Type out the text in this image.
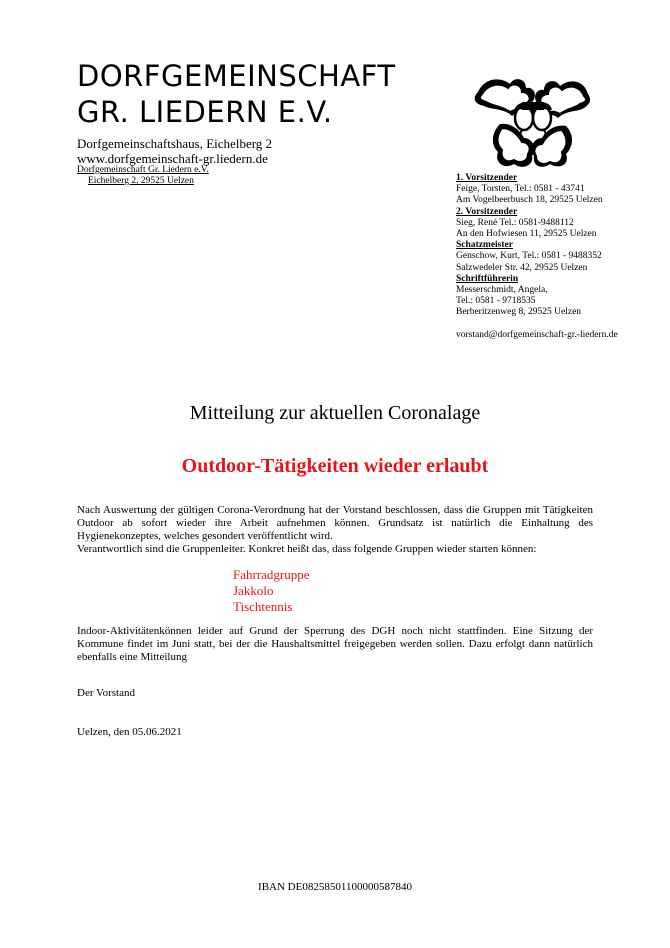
DORFGEMEINSCHAFT
GR. LIEDERN E.V.
Dorfgemeinschaftshaus, Eichelberg 2
www.dorfgemeinschaft-gr.liedern.de
Dorfgemeinschaft Gr. Liedern e.V.
Eichelberg 2, 29525 Uelzen	1. Vorsitzender
Feige, Torsten, Tel.: 0581 - 43741
Am Vogelbeerbusch 18, 29525 Uelzen
2. Vorsitzender
Sieg, René Tel.: 0581-9488112
An den Hofwiesen 11, 29525 Uelzen
Schatzmeister
Genschow, Kurt, Tel.: 0581 - 9488352
Salzwedeler Str. 42, 29525 Uelzen
Schriftführerin
Messerschmidt, Angela,
Tel.: 0581 - 9718535
Berberitzenweg 8, 29525 Uelzen
vorstand@dorfgemeinschaft-gr.-liedern.de
Mitteilung zur aktuellen Coronalage
Outdoor-Tätigkeiten wieder erlaubt
Nach Auswertung der gültigen Corona-Verordnung hat der Vorstand beschlossen, dass die Gruppen mit Tätigkeiten Outdoor ab sofort wieder ihre Arbeit aufnehmen können. Grundsatz ist natürlich die Einhaltung des Hygienekonzeptes, welches gesondert veröffentlicht wird.
Verantwortlich sind die Gruppenleiter. Konkret heißt das, dass folgende Gruppen wieder starten können:
Fahrradgruppe
Jakkolo
Tischtennis
Indoor-Aktivitätenkönnen leider auf Grund der Sperrung des DGH noch nicht stattfinden. Eine Sitzung der Kommune findet im Juni statt, bei der die Haushaltsmittel freigegeben werden sollen. Dazu erfolgt dann natürlich ebenfalls eine Mitteilung
Der Vorstand
Uelzen, den 05.06.2021
IBAN DE08258501100000587840
